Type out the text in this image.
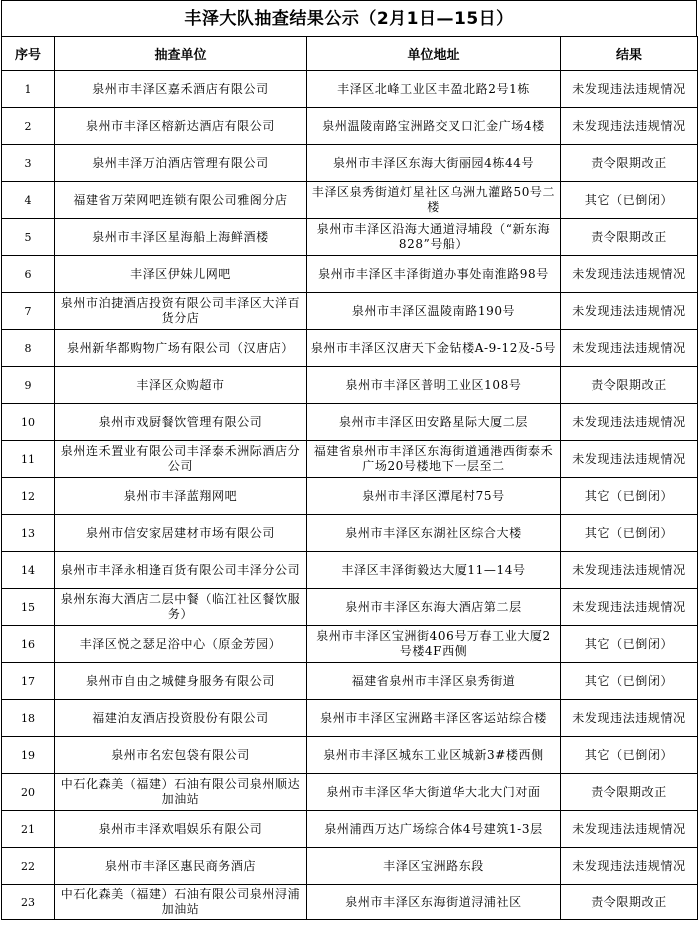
丰泽大队抽查结果公示（2月1日—15日）
序号	抽查单位	单位地址	结果
1	泉州市丰泽区嘉禾酒店有限公司	丰泽区北峰工业区丰盈北路2号1栋	未发现违法违规情况
2	泉州市丰泽区榕新达酒店有限公司	泉州温陵南路宝洲路交叉口汇金广场4楼	未发现违法违规情况
3	泉州丰泽万泊酒店管理有限公司	泉州市丰泽区东海大街丽园4栋44号	责令限期改正
4	福建省万荣网吧连锁有限公司雅阁分店	丰泽区泉秀街道灯星社区乌洲九灌路50号二楼	其它（已倒闭）
5	泉州市丰泽区星海船上海鲜酒楼	泉州市丰泽区沿海大通道浔埔段（“新东海828”号船）	责令限期改正
6	丰泽区伊妹儿网吧	泉州市丰泽区丰泽街道办事处南淮路98号	未发现违法违规情况
7	泉州市泊捷酒店投资有限公司丰泽区大洋百货分店	泉州市丰泽区温陵南路190号	未发现违法违规情况
8	泉州新华都购物广场有限公司（汉唐店）	泉州市丰泽区汉唐天下金钻楼A-9-12及-5号	未发现违法违规情况
9	丰泽区众购超市	泉州市丰泽区普明工业区108号	责令限期改正
10	泉州市戏厨餐饮管理有限公司	泉州市丰泽区田安路星际大厦二层	未发现违法违规情况
11	泉州连禾置业有限公司丰泽泰禾洲际酒店分公司	福建省泉州市丰泽区东海街道通港西街泰禾广场20号楼地下一层至二	未发现违法违规情况
12	泉州市丰泽蓝翔网吧	泉州市丰泽区潭尾村75号	其它（已倒闭）
13	泉州市信安家居建材市场有限公司	泉州市丰泽区东湖社区综合大楼	其它（已倒闭）
14	泉州市丰泽永相逢百货有限公司丰泽分公司	丰泽区丰泽街毅达大厦11—14号	未发现违法违规情况
15	泉州东海大酒店二层中餐（临江社区餐饮服务）	泉州市丰泽区东海大酒店第二层	未发现违法违规情况
16	丰泽区悦之瑟足浴中心（原金芳园）	泉州市丰泽区宝洲街406号万春工业大厦2号楼4F西侧	其它（已倒闭）
17	泉州市自由之城健身服务有限公司	福建省泉州市丰泽区泉秀街道	其它（已倒闭）
18	福建泊友酒店投资股份有限公司	泉州市丰泽区宝洲路丰泽区客运站综合楼	未发现违法违规情况
19	泉州市名宏包袋有限公司	泉州市丰泽区城东工业区城新3#楼西侧	其它（已倒闭）
20	中石化森美（福建）石油有限公司泉州顺达加油站	泉州市丰泽区华大街道华大北大门对面	责令限期改正
21	泉州市丰泽欢唱娱乐有限公司	泉州浦西万达广场综合体4号建筑1-3层	未发现违法违规情况
22	泉州市丰泽区惠民商务酒店	丰泽区宝洲路东段	未发现违法违规情况
23	中石化森美（福建）石油有限公司泉州浔浦加油站	泉州市丰泽区东海街道浔浦社区	责令限期改正
